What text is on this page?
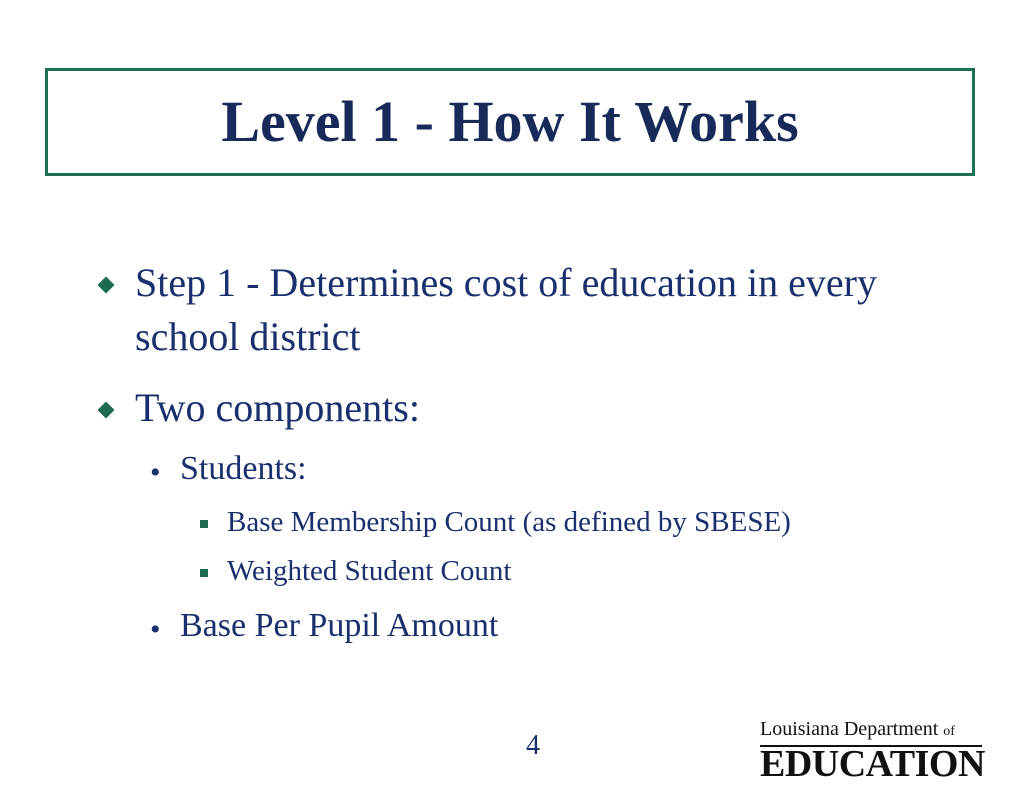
Level 1 - How It Works
Step 1 - Determines cost of education in every school district
Two components:
• Students:
Base Membership Count (as defined by SBESE)
Weighted Student Count
• Base Per Pupil Amount
4
Louisiana Department of
EDUCATION
